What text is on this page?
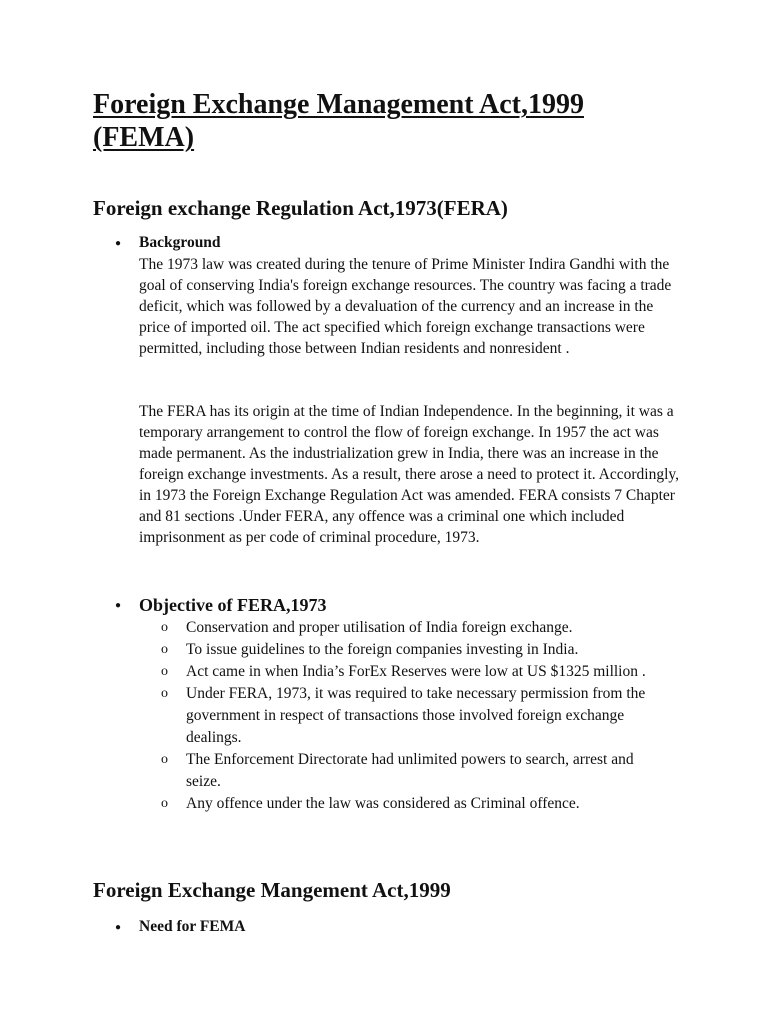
Foreign Exchange Management Act,1999 (FEMA)
Foreign exchange Regulation Act,1973(FERA)
● Background

The 1973 law was created during the tenure of Prime Minister Indira Gandhi with the goal of conserving India's foreign exchange resources. The country was facing a trade deficit, which was followed by a devaluation of the currency and an increase in the price of imported oil. The act specified which foreign exchange transactions were permitted, including those between Indian residents and nonresident .

The FERA has its origin at the time of Indian Independence. In the beginning, it was a temporary arrangement to control the flow of foreign exchange. In 1957 the act was made permanent. As the industrialization grew in India, there was an increase in the foreign exchange investments. As a result, there arose a need to protect it. Accordingly, in 1973 the Foreign Exchange Regulation Act was amended. FERA consists 7 Chapter and 81 sections .Under FERA, any offence was a criminal one which included imprisonment as per code of criminal procedure, 1973.

● Objective of FERA,1973
o Conservation and proper utilisation of India foreign exchange.
o To issue guidelines to the foreign companies investing in India.
o Act came in when India’s ForEx Reserves were low at US $1325 million .
o Under FERA, 1973, it was required to take necessary permission from the government in respect of transactions those involved foreign exchange dealings.
o The Enforcement Directorate had unlimited powers to search, arrest and seize.
o Any offence under the law was considered as Criminal offence.
Foreign Exchange Mangement Act,1999
● Need for FEMA
